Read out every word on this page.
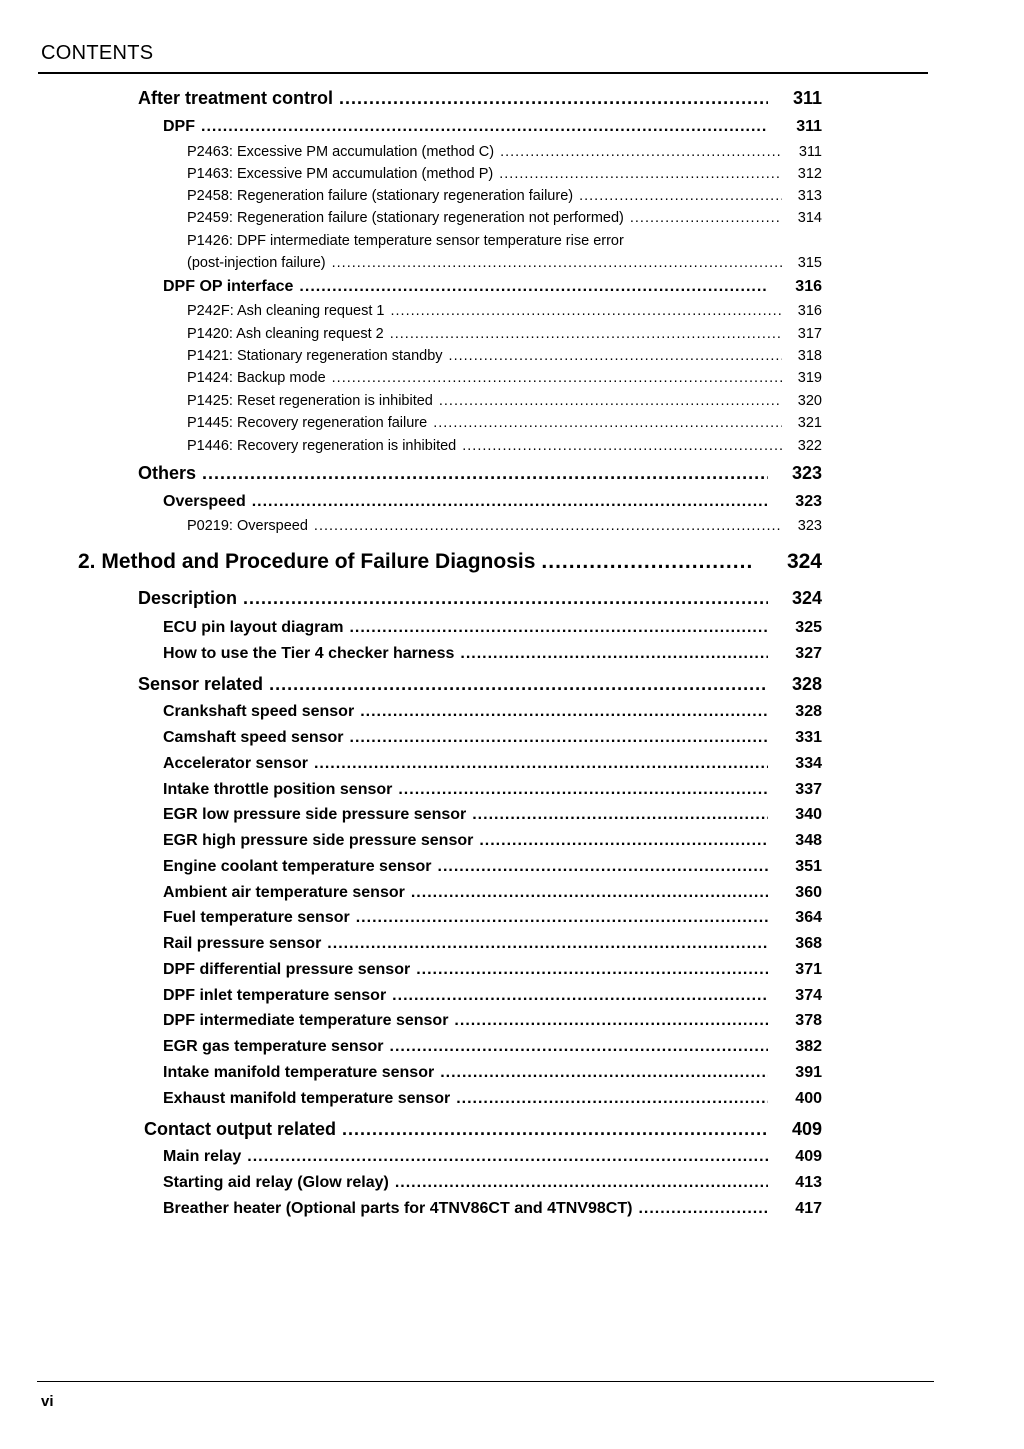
CONTENTS
After treatment control .....	311
DPF .....	311
P2463: Excessive PM accumulation (method C) .....	311
P1463: Excessive PM accumulation (method P) .....	312
P2458: Regeneration failure (stationary regeneration failure) .....	313
P2459: Regeneration failure (stationary regeneration not performed) .....	314
P1426: DPF intermediate temperature sensor temperature rise error
(post-injection failure) .....	315
DPF OP interface .....	316
P242F: Ash cleaning request 1 .....	316
P1420: Ash cleaning request 2 .....	317
P1421: Stationary regeneration standby .....	318
P1424: Backup mode .....	319
P1425: Reset regeneration is inhibited .....	320
P1445: Recovery regeneration failure .....	321
P1446: Recovery regeneration is inhibited .....	322
Others .....	323
Overspeed .....	323
P0219: Overspeed .....	323
2. Method and Procedure of Failure Diagnosis .....	324
Description .....	324
ECU pin layout diagram .....	325
How to use the Tier 4 checker harness .....	327
Sensor related .....	328
Crankshaft speed sensor .....	328
Camshaft speed sensor .....	331
Accelerator sensor .....	334
Intake throttle position sensor .....	337
EGR low pressure side pressure sensor .....	340
EGR high pressure side pressure sensor .....	348
Engine coolant temperature sensor .....	351
Ambient air temperature sensor .....	360
Fuel temperature sensor .....	364
Rail pressure sensor .....	368
DPF differential pressure sensor .....	371
DPF inlet temperature sensor .....	374
DPF intermediate temperature sensor .....	378
EGR gas temperature sensor .....	382
Intake manifold temperature sensor .....	391
Exhaust manifold temperature sensor .....	400
Contact output related .....	409
Main relay .....	409
Starting aid relay (Glow relay) .....	413
Breather heater (Optional parts for 4TNV86CT and 4TNV98CT) .....	417
vi
